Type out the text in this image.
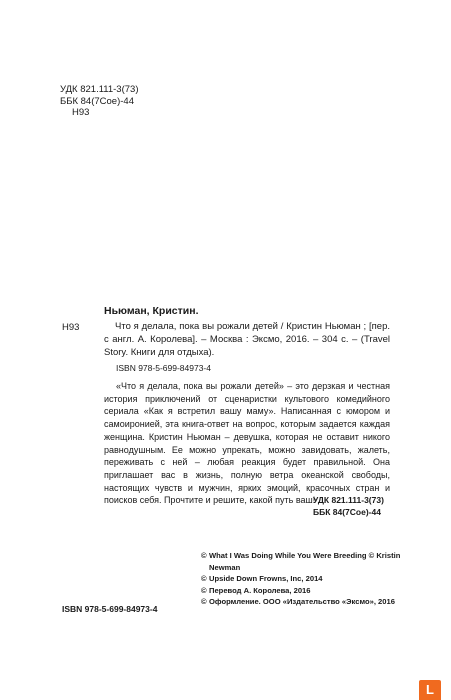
УДК 821.111-3(73)
ББК 84(7Сое)-44
Н93
Ньюман, Кристин.
Н93	Что я делала, пока вы рожали детей / Кристин Ньюман ; [пер. с англ. А. Королева]. – Москва : Эксмо, 2016. – 304 с. – (Travel Story. Книги для отдыха).
ISBN 978-5-699-84973-4
«Что я делала, пока вы рожали детей» – это дерзкая и честная история приключений от сценаристки культового комедийного сериала «Как я встретил вашу маму». Написанная с юмором и самоиронией, эта книга-ответ на вопрос, которым задается каждая женщина. Кристин Ньюман – девушка, которая не оставит никого равнодушным. Ее можно упрекать, можно завидовать, жалеть, переживать с ней – любая реакция будет правильной. Она приглашает вас в жизнь, полную ветра океанской свободы, настоящих чувств и мужчин, ярких эмоций, красочных стран и поисков себя. Прочтите и решите, какой путь ваш!
УДК 821.111-3(73)
ББК 84(7Сое)-44
© What I Was Doing While You Were Breeding © Kristin Newman
© Upside Down Frowns, Inc, 2014
© Перевод А. Королева, 2016
© Оформление. ООО «Издательство «Эксмо», 2016
ISBN 978-5-699-84973-4
L
